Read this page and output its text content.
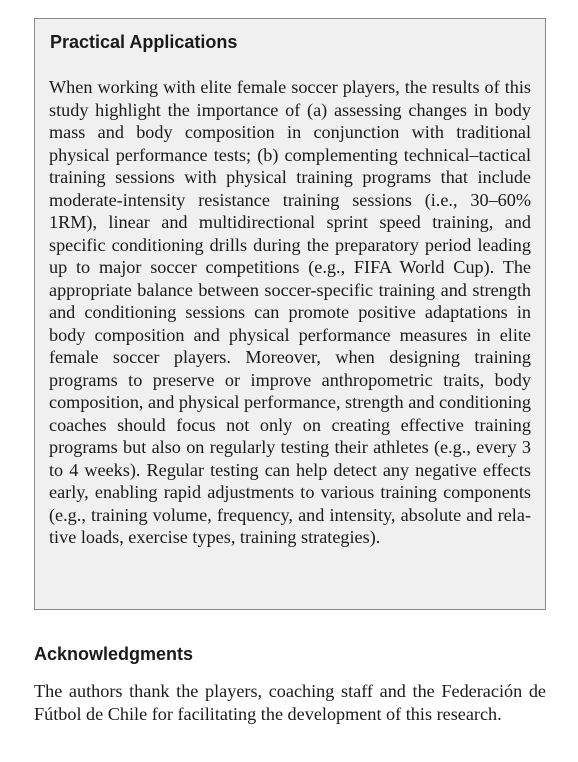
Practical Applications

When working with elite female soccer players, the results of this study highlight the importance of (a) assessing changes in body mass and body composition in conjunction with traditional physical performance tests; (b) complementing technical–tactical training sessions with physical training programs that include moderate-intensity resistance training sessions (i.e., 30–60% 1RM), linear and multidirectional sprint speed training, and specific conditioning drills during the preparatory period leading up to major soccer competitions (e.g., FIFA World Cup). The appropriate balance between soccer-specific training and strength and conditioning sessions can promote positive adaptations in body composition and physical performance measures in elite female soccer players. Moreover, when designing training programs to preserve or improve anthropometric traits, body composition, and physical performance, strength and conditioning coaches should focus not only on creating effective training programs but also on regularly testing their athletes (e.g., every 3 to 4 weeks). Regular testing can help detect any negative effects early, enabling rapid adjustments to various training components (e.g., training volume, frequency, and intensity, absolute and relative loads, exercise types, training strategies).

Acknowledgments

The authors thank the players, coaching staff and the Federación de Fútbol de Chile for facilitating the development of this research.
